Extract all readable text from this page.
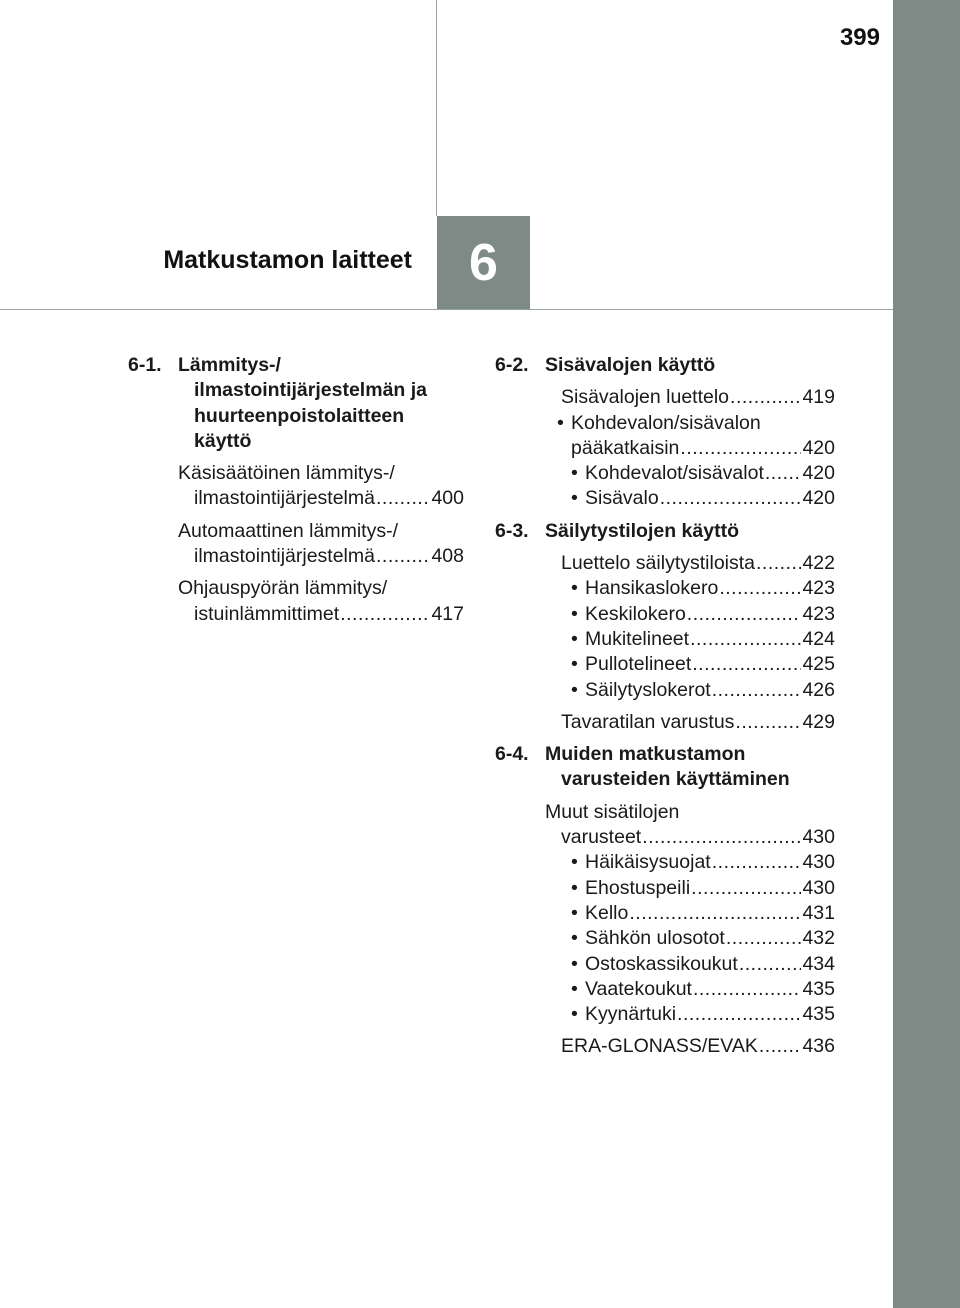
399
Matkustamon laitteet 6
6-1. Lämmitys-/ ilmastointijärjestelmän ja huurteenpoistolaitteen käyttö
Käsisäätöinen lämmitys-/
ilmastointijärjestelmä .....	400
Automaattinen lämmitys-/
ilmastointijärjestelmä .....	408
Ohjauspyörän lämmitys/
istuinlämmittimet .....	417
6-2. Sisävalojen käyttö
Sisävalojen luettelo .....	419
• Kohdevalon/sisävalon
pääkatkaisin .....	420
• Kohdevalot/sisävalot ..... 420
• Sisävalo .....	420
6-3. Säilytystilojen käyttö
Luettelo säilytystiloista ..... 422
• Hansikaslokero .....	423
• Keskilokero .....	423
• Mukitelineet .....	424
• Pullotelineet .....	425
• Säilytyslokerot .....	426
Tavaratilan varustus .....	429
6-4. Muiden matkustamon varusteiden käyttäminen
Muut sisätilojen
varusteet .....	430
• Häikäisysuojat .....	430
• Ehostuspeili .....	430
• Kello .....	431
• Sähkön ulosotot .....	432
• Ostoskassikoukut .....	434
• Vaatekoukut .....	435
• Kyynärtuki .....	435
ERA-GLONASS/EVAK ..... 436
